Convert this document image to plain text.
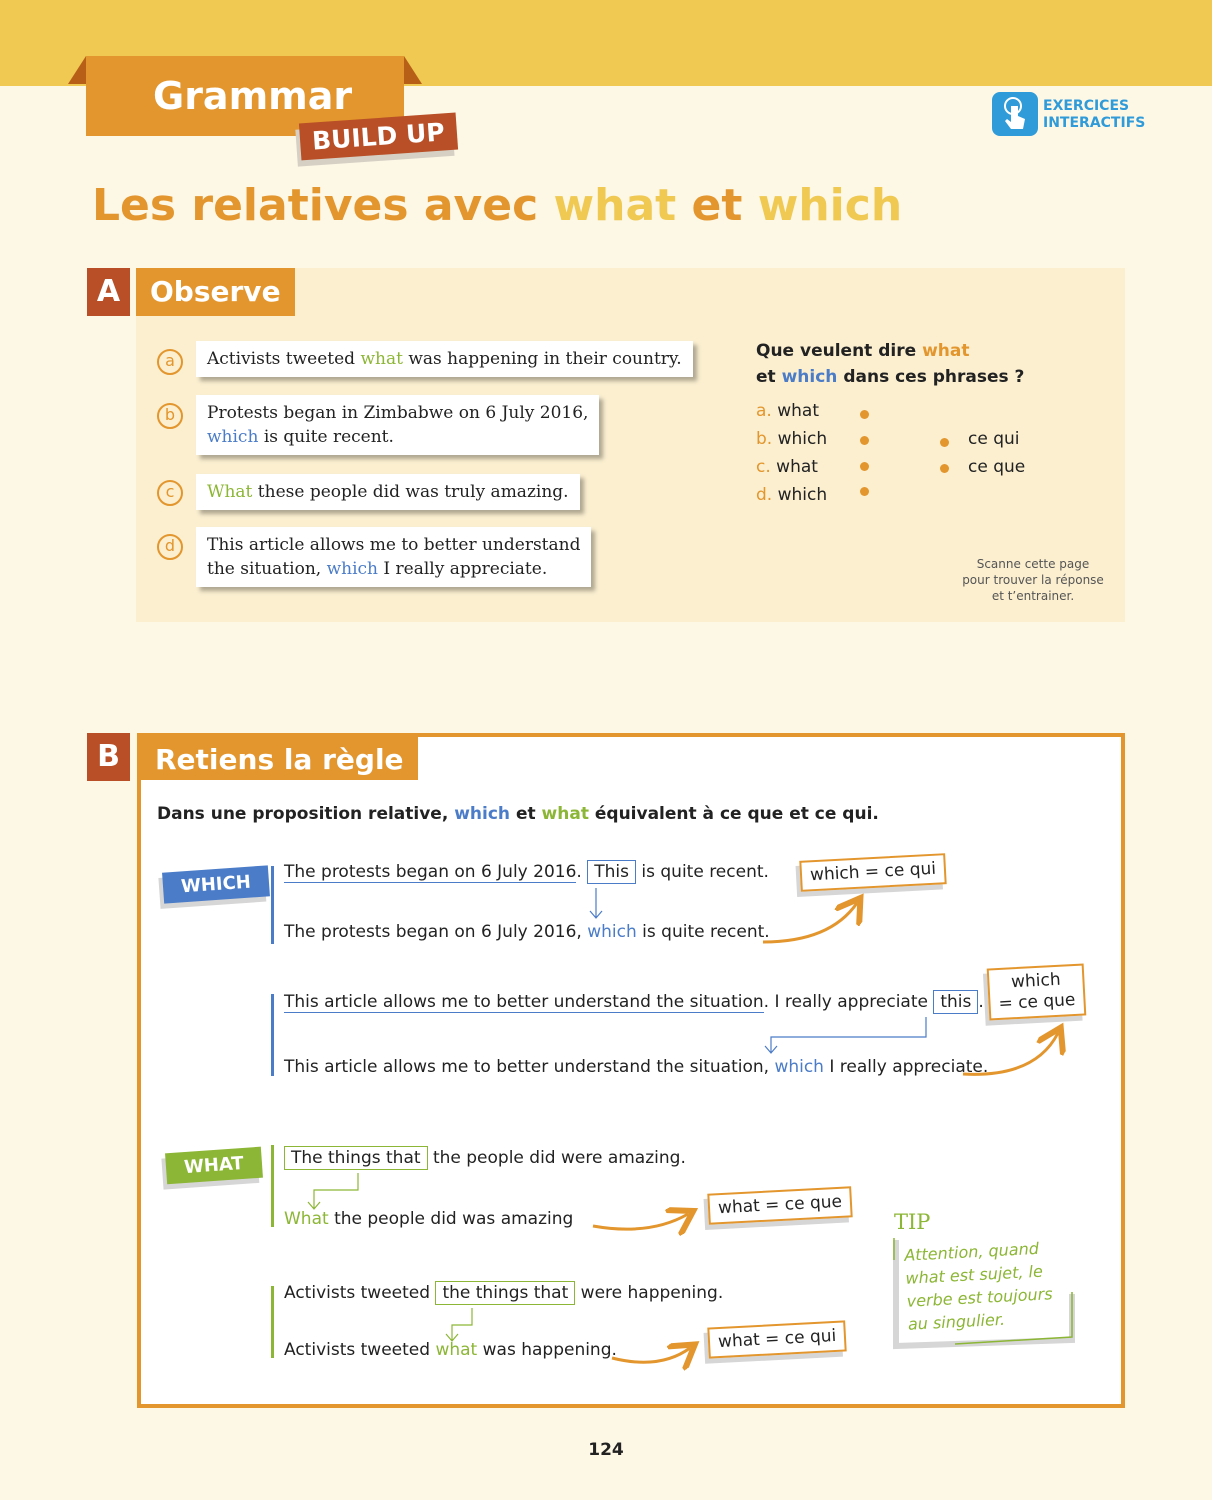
Grammar
BUILD UP
EXERCICES
INTERACTIFS
Les relatives avec what et which
A	Observe
a	Activists tweeted what was happening in their country.
b	Protests began in Zimbabwe on 6 July 2016,
which is quite recent.
c	What these people did was truly amazing.
d	This article allows me to better understand
the situation, which I really appreciate.
Que veulent dire what
et which dans ces phrases ?
a. what
b. which
c. what
d. which
ce qui
ce que
Scanne cette page
pour trouver la réponse
et t’entrainer.
B	Retiens la règle
Dans une proposition relative, which et what équivalent à ce que et ce qui.
WHICH	The protests began on 6 July 2016. This is quite recent.
The protests began on 6 July 2016, which is quite recent.
which = ce qui
This article allows me to better understand the situation. I really appreciate this .
This article allows me to better understand the situation, which I really appreciate.
which
= ce que
WHAT	The things that the people did were amazing.
What the people did was amazing
what = ce que
Activists tweeted the things that were happening.
Activists tweeted what was happening.	what = ce qui
TIP
Attention, quand
what est sujet, le
verbe est toujours
au singulier.
124
